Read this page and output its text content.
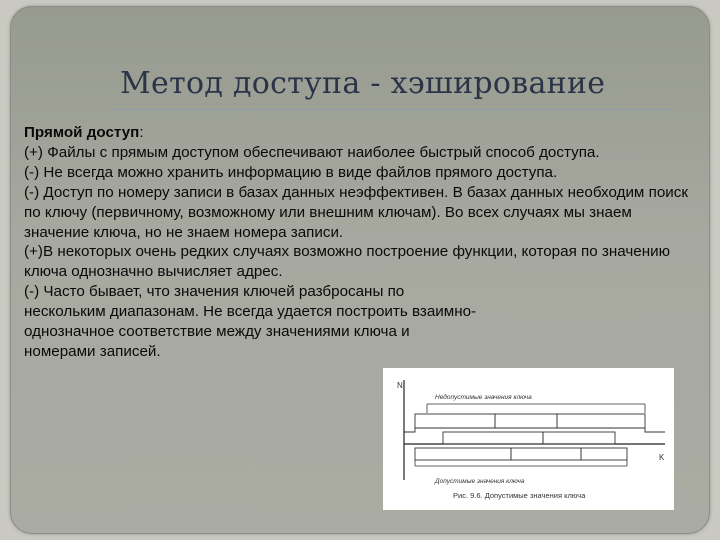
Метод доступа - хэширование

Прямой доступ:

(+) Файлы с прямым доступом обеспечивают наиболее быстрый способ доступа.

(-) Не всегда можно хранить информацию в виде файлов прямого доступа.

(-) Доступ по номеру записи в базах данных неэффективен. В базах данных необходим поиск по ключу (первичному, возможному или внешним ключам). Во всех случаях мы знаем значение ключа, но не знаем номера записи.

(+)В некоторых очень редких случаях возможно построение функции, которая по значению ключа однозначно вычисляет адрес.

(-) Часто бывает, что значения ключей разбросаны по нескольким диапазонам. Не всегда удается построить взаимно-однозначное соответствие между значениями ключа и номерами записей.

N
K
Недопустимые значения ключа
Допустимые значения ключа
Рис. 9.6. Допустимые значения ключа
